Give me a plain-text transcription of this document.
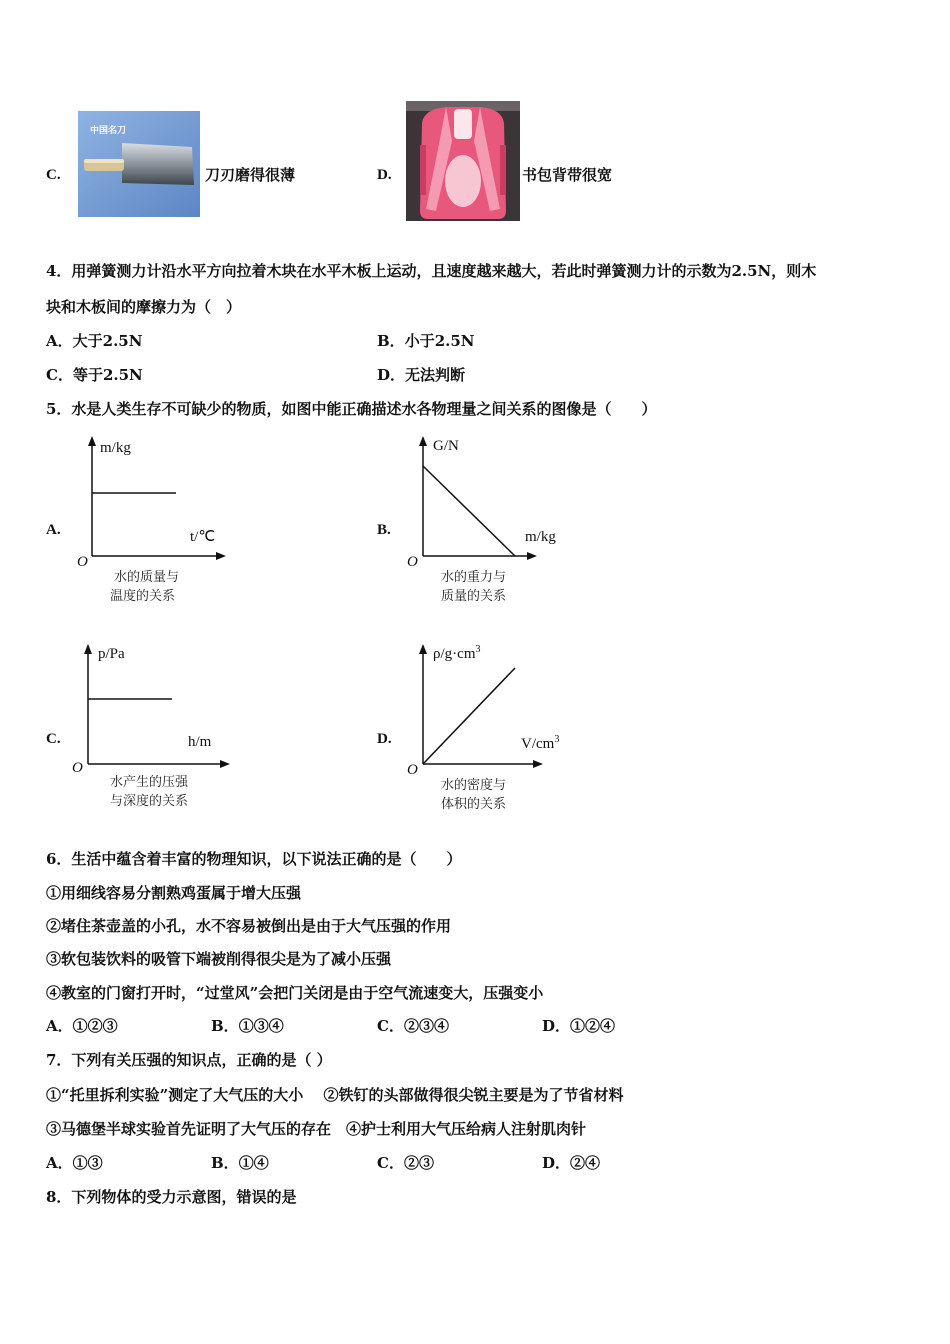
C.
中国名刀
刀刃磨得很薄	D.	书包背带很宽
4．用弹簧测力计沿水平方向拉着木块在水平木板上运动，且速度越来越大，若此时弹簧测力计的示数为2.5N，则木
块和木板间的摩擦力为（　）
A．大于2.5N	B．小于2.5N
C．等于2.5N	D．无法判断
5．水是人类生存不可缺少的物质，如图中能正确描述水各物理量之间关系的图像是（　　）
A.
m/kg
t/℃
O
水的质量与
温度的关系
B.
G/N
m/kg
O
水的重力与
质量的关系
C.
p/Pa
h/m
O
水产生的压强
与深度的关系
D.
$\rho/g\cdot cm^3$
$V/cm^3$
O
水的密度与
体积的关系
6．生活中蕴含着丰富的物理知识，以下说法正确的是（　　）
①用细线容易分割熟鸡蛋属于增大压强
②堵住茶壶盖的小孔，水不容易被倒出是由于大气压强的作用
③软包装饮料的吸管下端被削得很尖是为了减小压强
④教室的门窗打开时，“过堂风”会把门关闭是由于空气流速变大，压强变小
A．①②③	B．①③④	C．②③④	D．①②④
7．下列有关压强的知识点，正确的是（ ）
①“托里拆利实验”测定了大气压的大小　 ②铁钉的头部做得很尖锐主要是为了节省材料
③马德堡半球实验首先证明了大气压的存在　④护士利用大气压给病人注射肌肉针
A．①③	B．①④	C．②③	D．②④
8．下列物体的受力示意图，错误的是
